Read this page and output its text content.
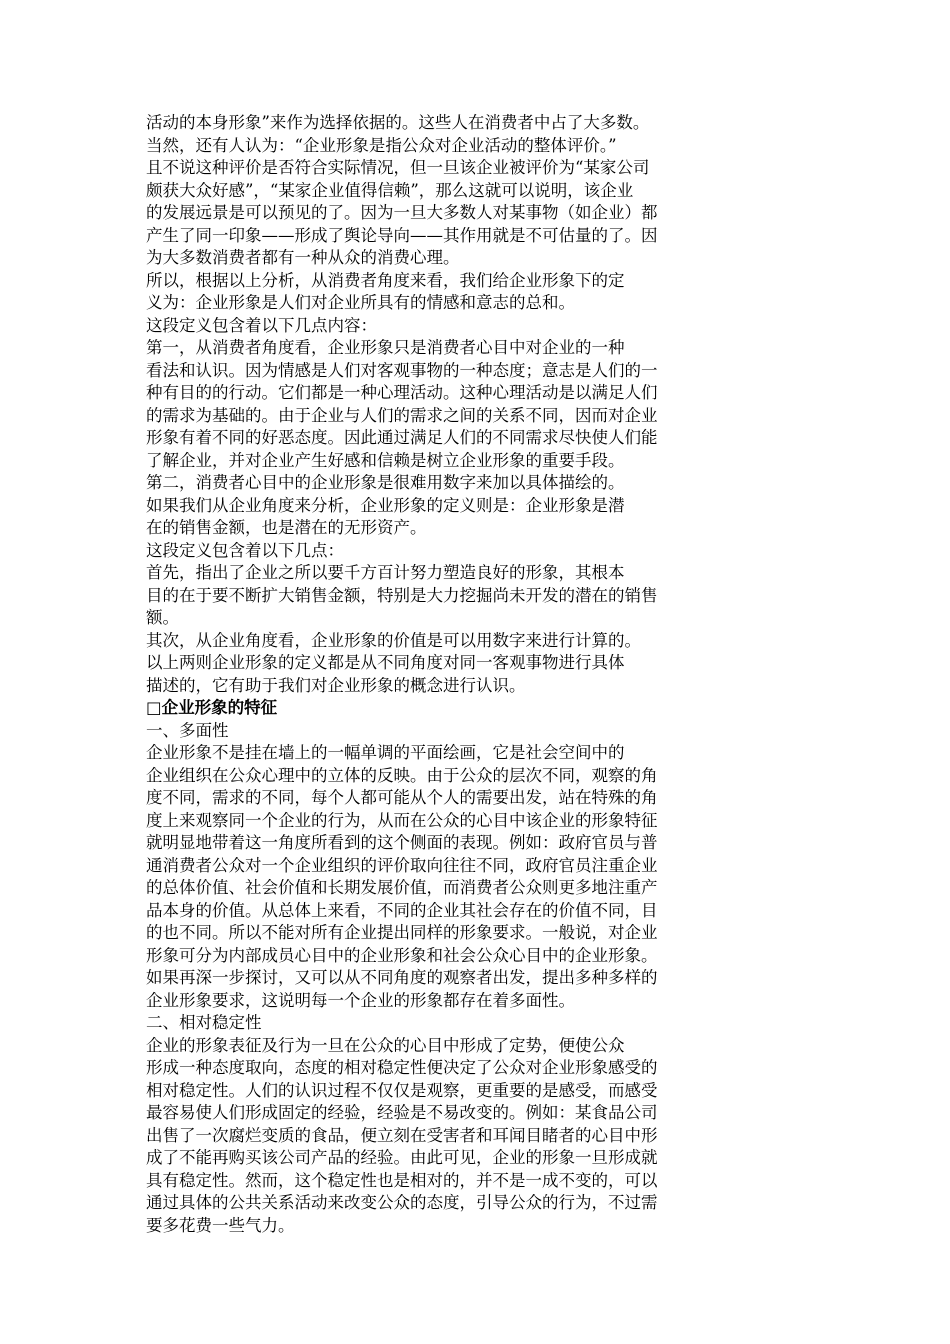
活动的本身形象”来作为选择依据的。这些人在消费者中占了大多数。
当然，还有人认为：“企业形象是指公众对企业活动的整体评价。”
且不说这种评价是否符合实际情况，但一旦该企业被评价为“某家公司
颇获大众好感”，“某家企业值得信赖”，那么这就可以说明，该企业
的发展远景是可以预见的了。因为一旦大多数人对某事物（如企业）都
产生了同一印象——形成了舆论导向——其作用就是不可估量的了。因
为大多数消费者都有一种从众的消费心理。
所以，根据以上分析，从消费者角度来看，我们给企业形象下的定
义为：企业形象是人们对企业所具有的情感和意志的总和。
这段定义包含着以下几点内容：
第一，从消费者角度看，企业形象只是消费者心目中对企业的一种
看法和认识。因为情感是人们对客观事物的一种态度；意志是人们的一
种有目的的行动。它们都是一种心理活动。这种心理活动是以满足人们
的需求为基础的。由于企业与人们的需求之间的关系不同，因而对企业
形象有着不同的好恶态度。因此通过满足人们的不同需求尽快使人们能
了解企业，并对企业产生好感和信赖是树立企业形象的重要手段。
第二，消费者心目中的企业形象是很难用数字来加以具体描绘的。
如果我们从企业角度来分析，企业形象的定义则是：企业形象是潜
在的销售金额，也是潜在的无形资产。
这段定义包含着以下几点：
首先，指出了企业之所以要千方百计努力塑造良好的形象，其根本
目的在于要不断扩大销售金额，特别是大力挖掘尚未开发的潜在的销售
额。
其次，从企业角度看，企业形象的价值是可以用数字来进行计算的。
以上两则企业形象的定义都是从不同角度对同一客观事物进行具体
描述的，它有助于我们对企业形象的概念进行认识。
□企业形象的特征
一、多面性
企业形象不是挂在墙上的一幅单调的平面绘画，它是社会空间中的
企业组织在公众心理中的立体的反映。由于公众的层次不同，观察的角
度不同，需求的不同，每个人都可能从个人的需要出发，站在特殊的角
度上来观察同一个企业的行为，从而在公众的心目中该企业的形象特征
就明显地带着这一角度所看到的这个侧面的表现。例如：政府官员与普
通消费者公众对一个企业组织的评价取向往往不同，政府官员注重企业
的总体价值、社会价值和长期发展价值，而消费者公众则更多地注重产
品本身的价值。从总体上来看，不同的企业其社会存在的价值不同，目
的也不同。所以不能对所有企业提出同样的形象要求。一般说，对企业
形象可分为内部成员心目中的企业形象和社会公众心目中的企业形象。
如果再深一步探讨，又可以从不同角度的观察者出发，提出多种多样的
企业形象要求，这说明每一个企业的形象都存在着多面性。
二、相对稳定性
企业的形象表征及行为一旦在公众的心目中形成了定势，便使公众
形成一种态度取向，态度的相对稳定性便决定了公众对企业形象感受的
相对稳定性。人们的认识过程不仅仅是观察，更重要的是感受，而感受
最容易使人们形成固定的经验，经验是不易改变的。例如：某食品公司
出售了一次腐烂变质的食品，便立刻在受害者和耳闻目睹者的心目中形
成了不能再购买该公司产品的经验。由此可见，企业的形象一旦形成就
具有稳定性。然而，这个稳定性也是相对的，并不是一成不变的，可以
通过具体的公共关系活动来改变公众的态度，引导公众的行为，不过需
要多花费一些气力。
